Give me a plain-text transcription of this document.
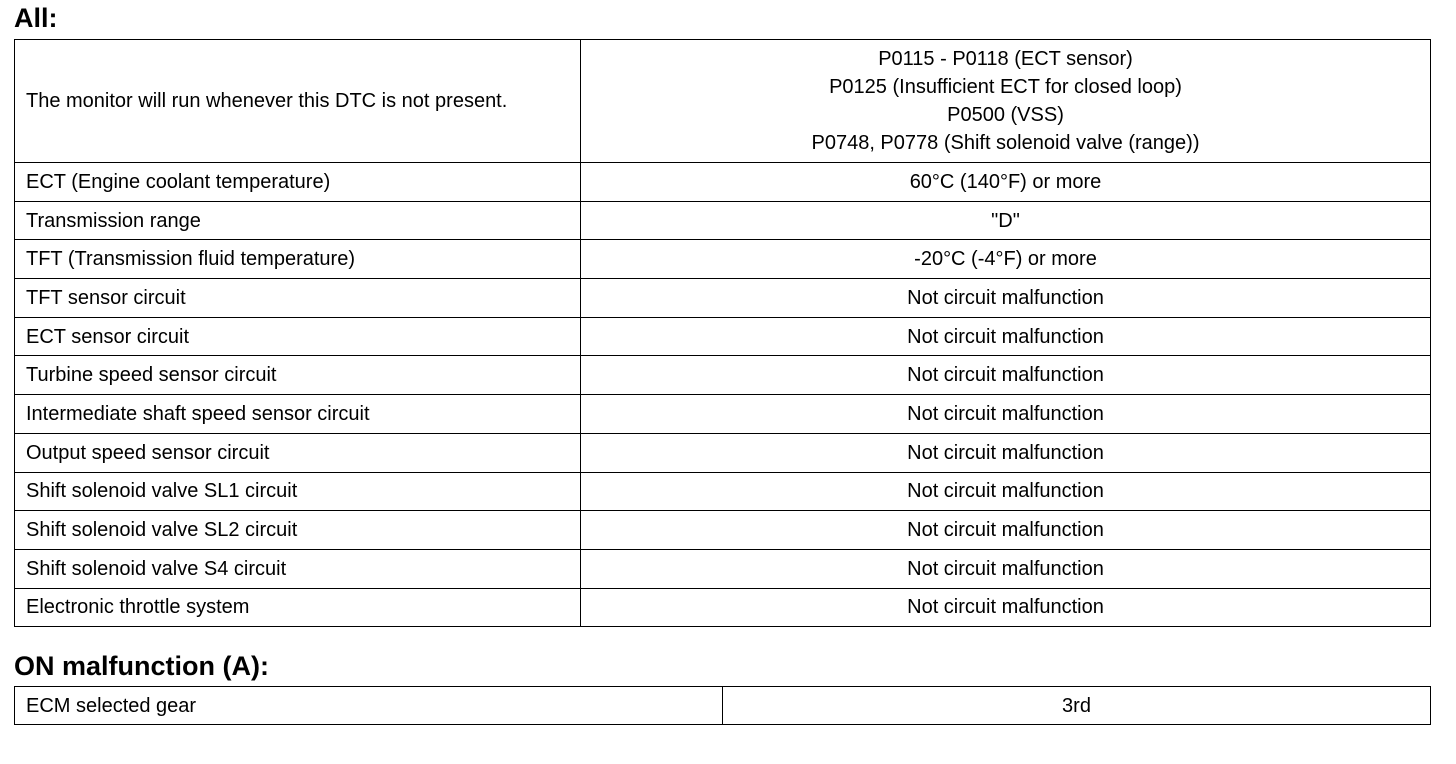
All:
The monitor will run whenever this DTC is not present.	P0115 - P0118 (ECT sensor)
P0125 (Insufficient ECT for closed loop)
P0500 (VSS)
P0748, P0778 (Shift solenoid valve (range))

ECT (Engine coolant temperature)	60°C (140°F) or more
Transmission range	"D"
TFT (Transmission fluid temperature)	-20°C (-4°F) or more
TFT sensor circuit	Not circuit malfunction
ECT sensor circuit	Not circuit malfunction
Turbine speed sensor circuit	Not circuit malfunction
Intermediate shaft speed sensor circuit	Not circuit malfunction
Output speed sensor circuit	Not circuit malfunction
Shift solenoid valve SL1 circuit	Not circuit malfunction
Shift solenoid valve SL2 circuit	Not circuit malfunction
Shift solenoid valve S4 circuit	Not circuit malfunction
Electronic throttle system	Not circuit malfunction
ON malfunction (A):
ECM selected gear	3rd
